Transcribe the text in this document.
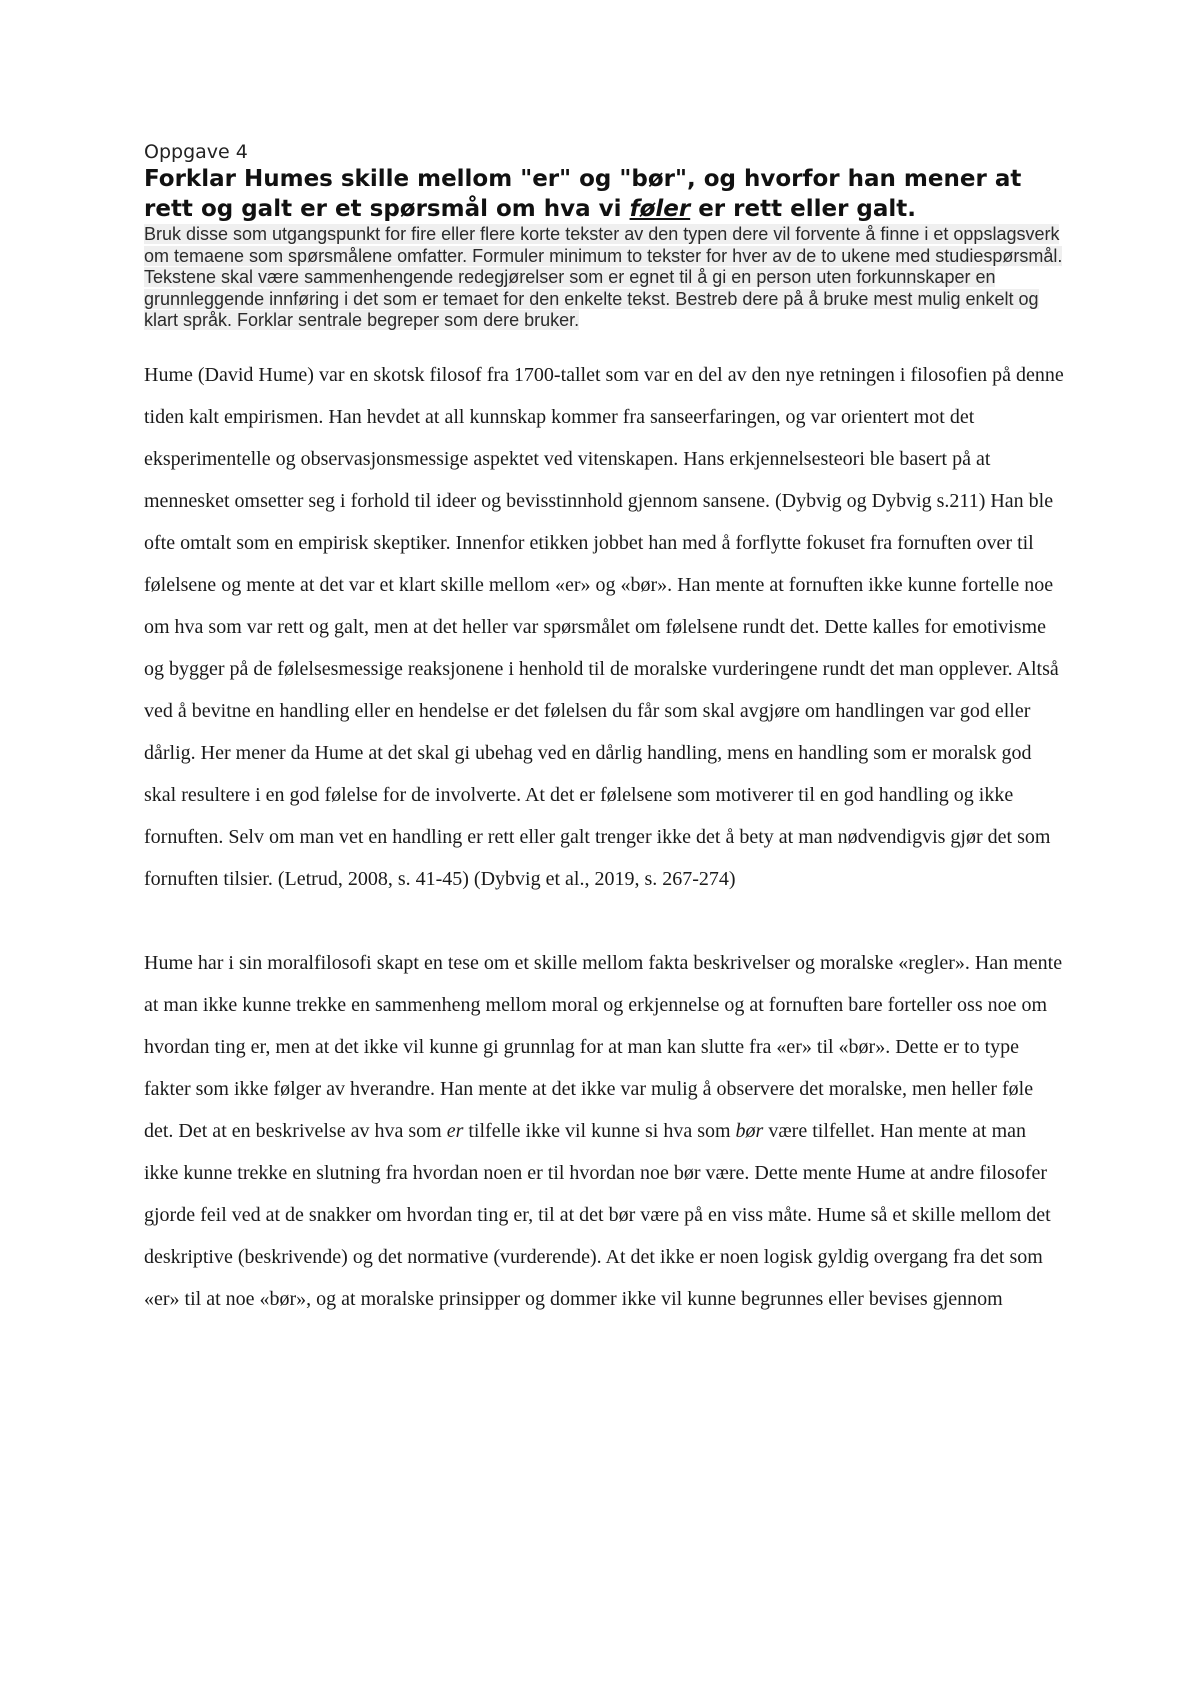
Oppgave 4

Forklar Humes skille mellom "er" og "bør", og hvorfor han mener at rett og galt er et spørsmål om hva vi føler er rett eller galt.

Bruk disse som utgangspunkt for fire eller flere korte tekster av den typen dere vil forvente å finne i et oppslagsverk om temaene som spørsmålene omfatter. Formuler minimum to tekster for hver av de to ukene med studiespørsmål. Tekstene skal være sammenhengende redegjørelser som er egnet til å gi en person uten forkunnskaper en grunnleggende innføring i det som er temaet for den enkelte tekst. Bestreb dere på å bruke mest mulig enkelt og klart språk. Forklar sentrale begreper som dere bruker.

Hume (David Hume) var en skotsk filosof fra 1700-tallet som var en del av den nye retningen i filosofien på denne tiden kalt empirismen. Han hevdet at all kunnskap kommer fra sanseerfaringen, og var orientert mot det eksperimentelle og observasjonsmessige aspektet ved vitenskapen. Hans erkjennelsesteori ble basert på at mennesket omsetter seg i forhold til ideer og bevisstinnhold gjennom sansene. (Dybvig og Dybvig s.211) Han ble ofte omtalt som en empirisk skeptiker. Innenfor etikken jobbet han med å forflytte fokuset fra fornuften over til følelsene og mente at det var et klart skille mellom «er» og «bør». Han mente at fornuften ikke kunne fortelle noe om hva som var rett og galt, men at det heller var spørsmålet om følelsene rundt det. Dette kalles for emotivisme og bygger på de følelsesmessige reaksjonene i henhold til de moralske vurderingene rundt det man opplever. Altså ved å bevitne en handling eller en hendelse er det følelsen du får som skal avgjøre om handlingen var god eller dårlig. Her mener da Hume at det skal gi ubehag ved en dårlig handling, mens en handling som er moralsk god skal resultere i en god følelse for de involverte. At det er følelsene som motiverer til en god handling og ikke fornuften. Selv om man vet en handling er rett eller galt trenger ikke det å bety at man nødvendigvis gjør det som fornuften tilsier. (Letrud, 2008, s. 41-45) (Dybvig et al., 2019, s. 267-274)

Hume har i sin moralfilosofi skapt en tese om et skille mellom fakta beskrivelser og moralske «regler». Han mente at man ikke kunne trekke en sammenheng mellom moral og erkjennelse og at fornuften bare forteller oss noe om hvordan ting er, men at det ikke vil kunne gi grunnlag for at man kan slutte fra «er» til «bør». Dette er to type fakter som ikke følger av hverandre. Han mente at det ikke var mulig å observere det moralske, men heller føle det. Det at en beskrivelse av hva som er tilfelle ikke vil kunne si hva som bør være tilfellet. Han mente at man ikke kunne trekke en slutning fra hvordan noen er til hvordan noe bør være. Dette mente Hume at andre filosofer gjorde feil ved at de snakker om hvordan ting er, til at det bør være på en viss måte. Hume så et skille mellom det deskriptive (beskrivende) og det normative (vurderende). At det ikke er noen logisk gyldig overgang fra det som «er» til at noe «bør», og at moralske prinsipper og dommer ikke vil kunne begrunnes eller bevises gjennom
